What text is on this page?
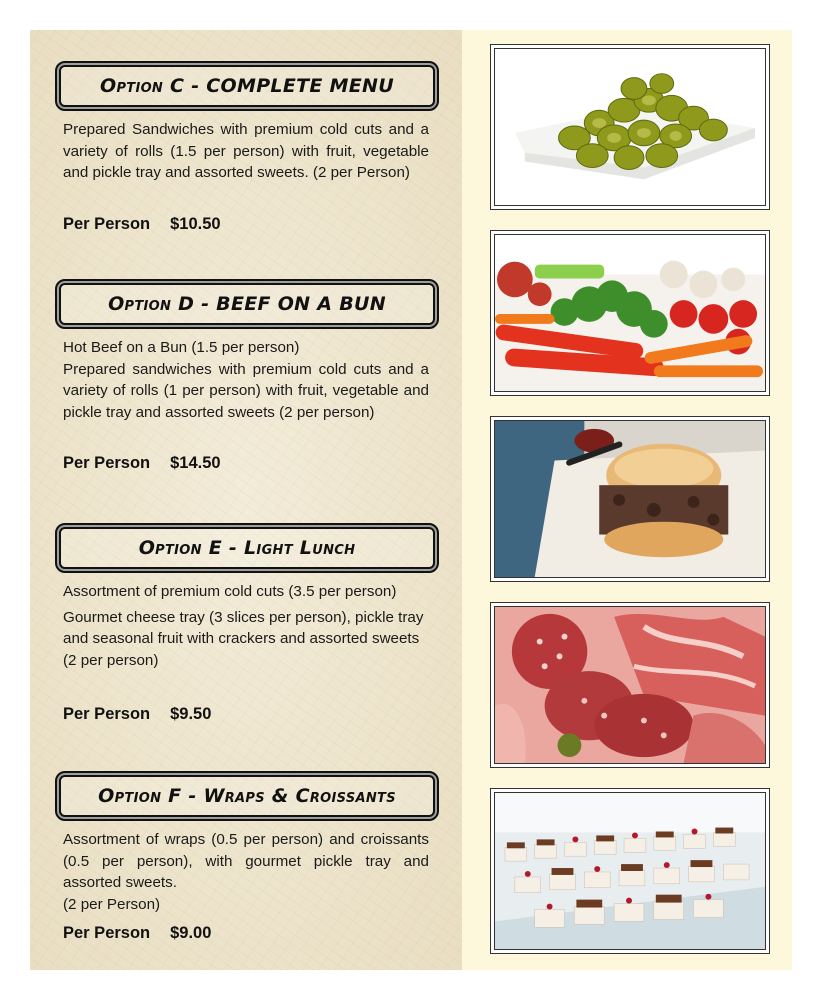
Option C - COMPLETE MENU

Prepared Sandwiches with premium cold cuts and a variety of rolls (1.5 per person) with fruit, vegetable and pickle tray and assorted sweets. (2 per Person)

Per Person $10.50
Option D - BEEF ON A BUN

Hot Beef on a Bun (1.5 per person)

Prepared sandwiches with premium cold cuts and a variety of rolls (1 per person) with fruit, vegetable and pickle tray and assorted sweets (2 per person)

Per Person $14.50
Option E - Light Lunch

Assortment of premium cold cuts (3.5 per person)

Gourmet cheese tray (3 slices per person), pickle tray and seasonal fruit with crackers and assorted sweets (2 per person)

Per Person $9.50
Option F - Wraps & Croissants

Assortment of wraps (0.5 per person) and croissants (0.5 per person), with gourmet pickle tray and assorted sweets.

(2 per Person)

Per Person $9.00
